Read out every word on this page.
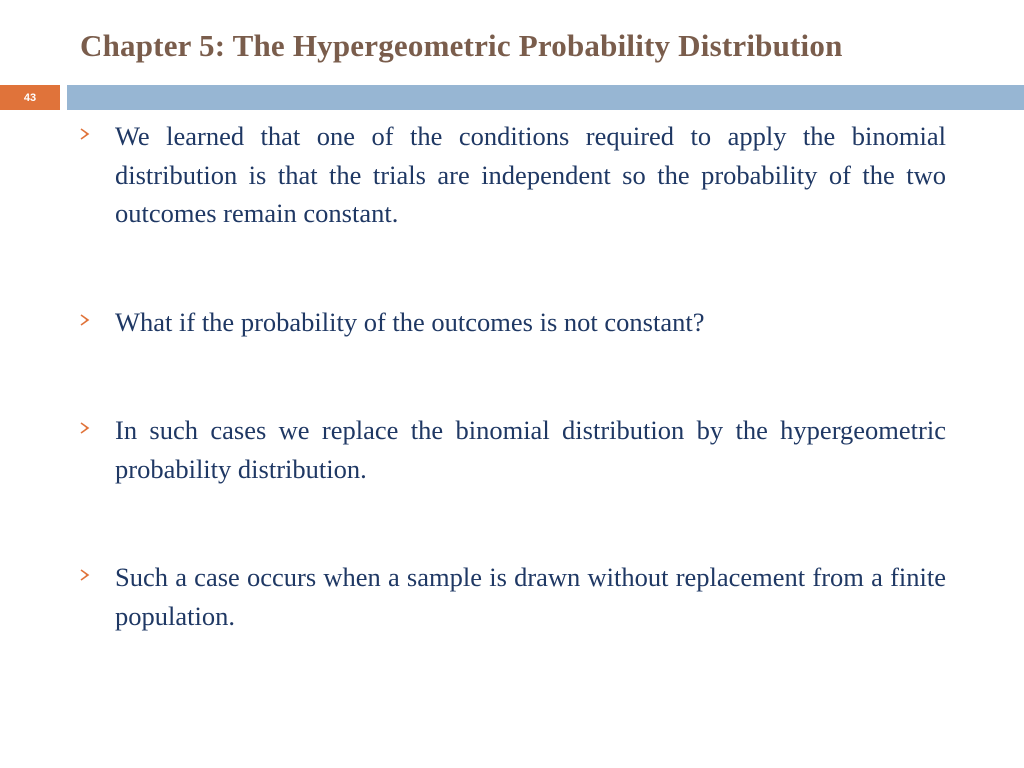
Chapter 5: The Hypergeometric Probability Distribution
43
We learned that one of the conditions required to apply the binomial distribution is that the trials are independent so the probability of the two outcomes remain constant.
What if the probability of the outcomes is not constant?
In such cases we replace the binomial distribution by the hypergeometric probability distribution.
Such a case occurs when a sample is drawn without replacement from a finite population.
